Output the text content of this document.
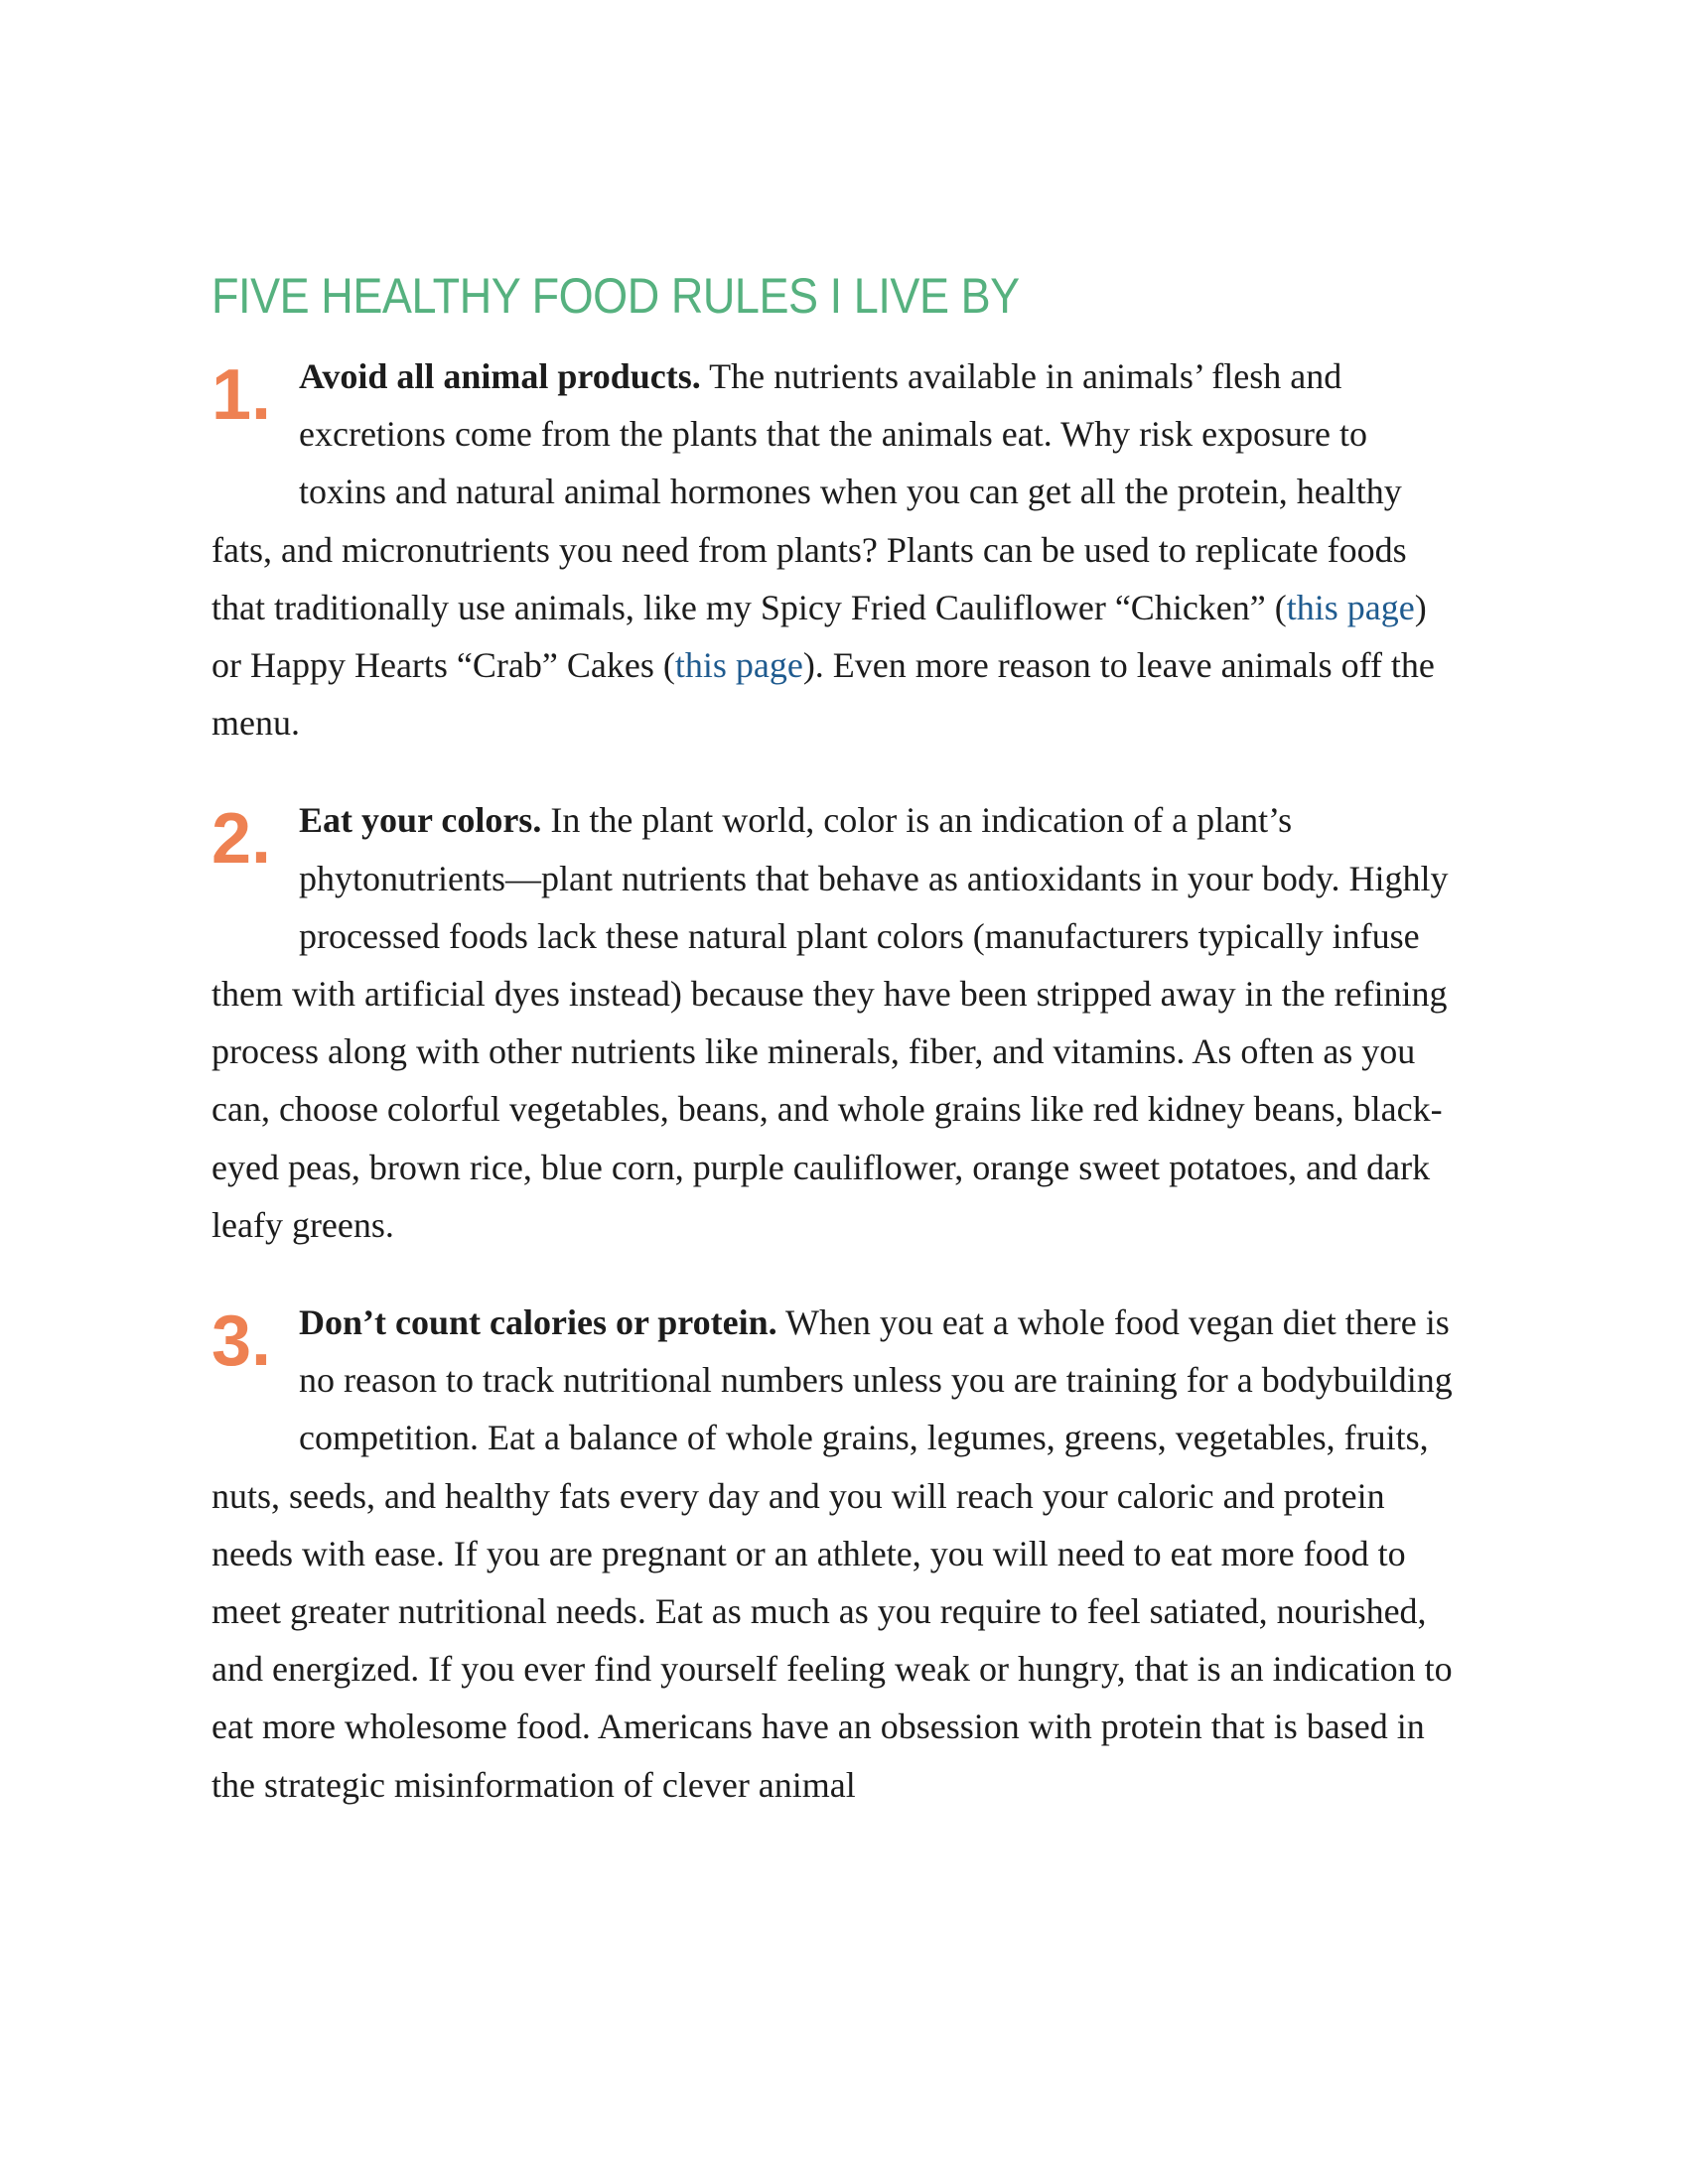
FIVE HEALTHY FOOD RULES I LIVE BY

1. Avoid all animal products. The nutrients available in animals’ flesh and excretions come from the plants that the animals eat. Why risk exposure to toxins and natural animal hormones when you can get all the protein, healthy fats, and micronutrients you need from plants? Plants can be used to replicate foods that traditionally use animals, like my Spicy Fried Cauliflower “Chicken” (this page) or Happy Hearts “Crab” Cakes (this page). Even more reason to leave animals off the menu.

2. Eat your colors. In the plant world, color is an indication of a plant’s phytonutrients—plant nutrients that behave as antioxidants in your body. Highly processed foods lack these natural plant colors (manufacturers typically infuse them with artificial dyes instead) because they have been stripped away in the refining process along with other nutrients like minerals, fiber, and vitamins. As often as you can, choose colorful vegetables, beans, and whole grains like red kidney beans, black-eyed peas, brown rice, blue corn, purple cauliflower, orange sweet potatoes, and dark leafy greens.

3. Don’t count calories or protein. When you eat a whole food vegan diet there is no reason to track nutritional numbers unless you are training for a bodybuilding competition. Eat a balance of whole grains, legumes, greens, vegetables, fruits, nuts, seeds, and healthy fats every day and you will reach your caloric and protein needs with ease. If you are pregnant or an athlete, you will need to eat more food to meet greater nutritional needs. Eat as much as you require to feel satiated, nourished, and energized. If you ever find yourself feeling weak or hungry, that is an indication to eat more wholesome food. Americans have an obsession with protein that is based in the strategic misinformation of clever animal
